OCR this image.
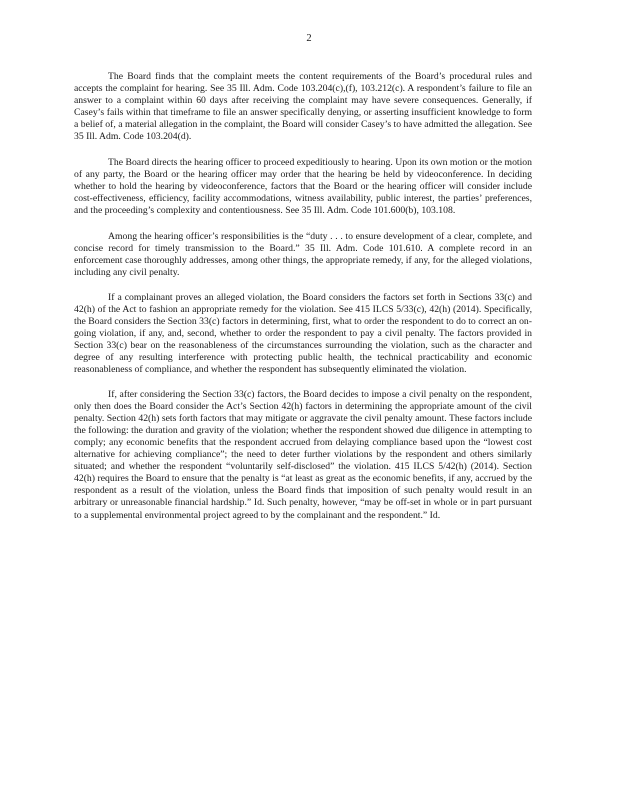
2

The Board finds that the complaint meets the content requirements of the Board’s procedural rules and accepts the complaint for hearing. See 35 Ill. Adm. Code 103.204(c),(f), 103.212(c). A respondent’s failure to file an answer to a complaint within 60 days after receiving the complaint may have severe consequences. Generally, if Casey’s fails within that timeframe to file an answer specifically denying, or asserting insufficient knowledge to form a belief of, a material allegation in the complaint, the Board will consider Casey’s to have admitted the allegation. See 35 Ill. Adm. Code 103.204(d).

The Board directs the hearing officer to proceed expeditiously to hearing. Upon its own motion or the motion of any party, the Board or the hearing officer may order that the hearing be held by videoconference. In deciding whether to hold the hearing by videoconference, factors that the Board or the hearing officer will consider include cost-effectiveness, efficiency, facility accommodations, witness availability, public interest, the parties’ preferences, and the proceeding’s complexity and contentiousness. See 35 Ill. Adm. Code 101.600(b), 103.108.

Among the hearing officer’s responsibilities is the “duty . . . to ensure development of a clear, complete, and concise record for timely transmission to the Board.” 35 Ill. Adm. Code 101.610. A complete record in an enforcement case thoroughly addresses, among other things, the appropriate remedy, if any, for the alleged violations, including any civil penalty.

If a complainant proves an alleged violation, the Board considers the factors set forth in Sections 33(c) and 42(h) of the Act to fashion an appropriate remedy for the violation. See 415 ILCS 5/33(c), 42(h) (2014). Specifically, the Board considers the Section 33(c) factors in determining, first, what to order the respondent to do to correct an on-going violation, if any, and, second, whether to order the respondent to pay a civil penalty. The factors provided in Section 33(c) bear on the reasonableness of the circumstances surrounding the violation, such as the character and degree of any resulting interference with protecting public health, the technical practicability and economic reasonableness of compliance, and whether the respondent has subsequently eliminated the violation.

If, after considering the Section 33(c) factors, the Board decides to impose a civil penalty on the respondent, only then does the Board consider the Act’s Section 42(h) factors in determining the appropriate amount of the civil penalty. Section 42(h) sets forth factors that may mitigate or aggravate the civil penalty amount. These factors include the following: the duration and gravity of the violation; whether the respondent showed due diligence in attempting to comply; any economic benefits that the respondent accrued from delaying compliance based upon the “lowest cost alternative for achieving compliance”; the need to deter further violations by the respondent and others similarly situated; and whether the respondent “voluntarily self-disclosed” the violation. 415 ILCS 5/42(h) (2014). Section 42(h) requires the Board to ensure that the penalty is “at least as great as the economic benefits, if any, accrued by the respondent as a result of the violation, unless the Board finds that imposition of such penalty would result in an arbitrary or unreasonable financial hardship.” Id. Such penalty, however, “may be off-set in whole or in part pursuant to a supplemental environmental project agreed to by the complainant and the respondent.” Id.
